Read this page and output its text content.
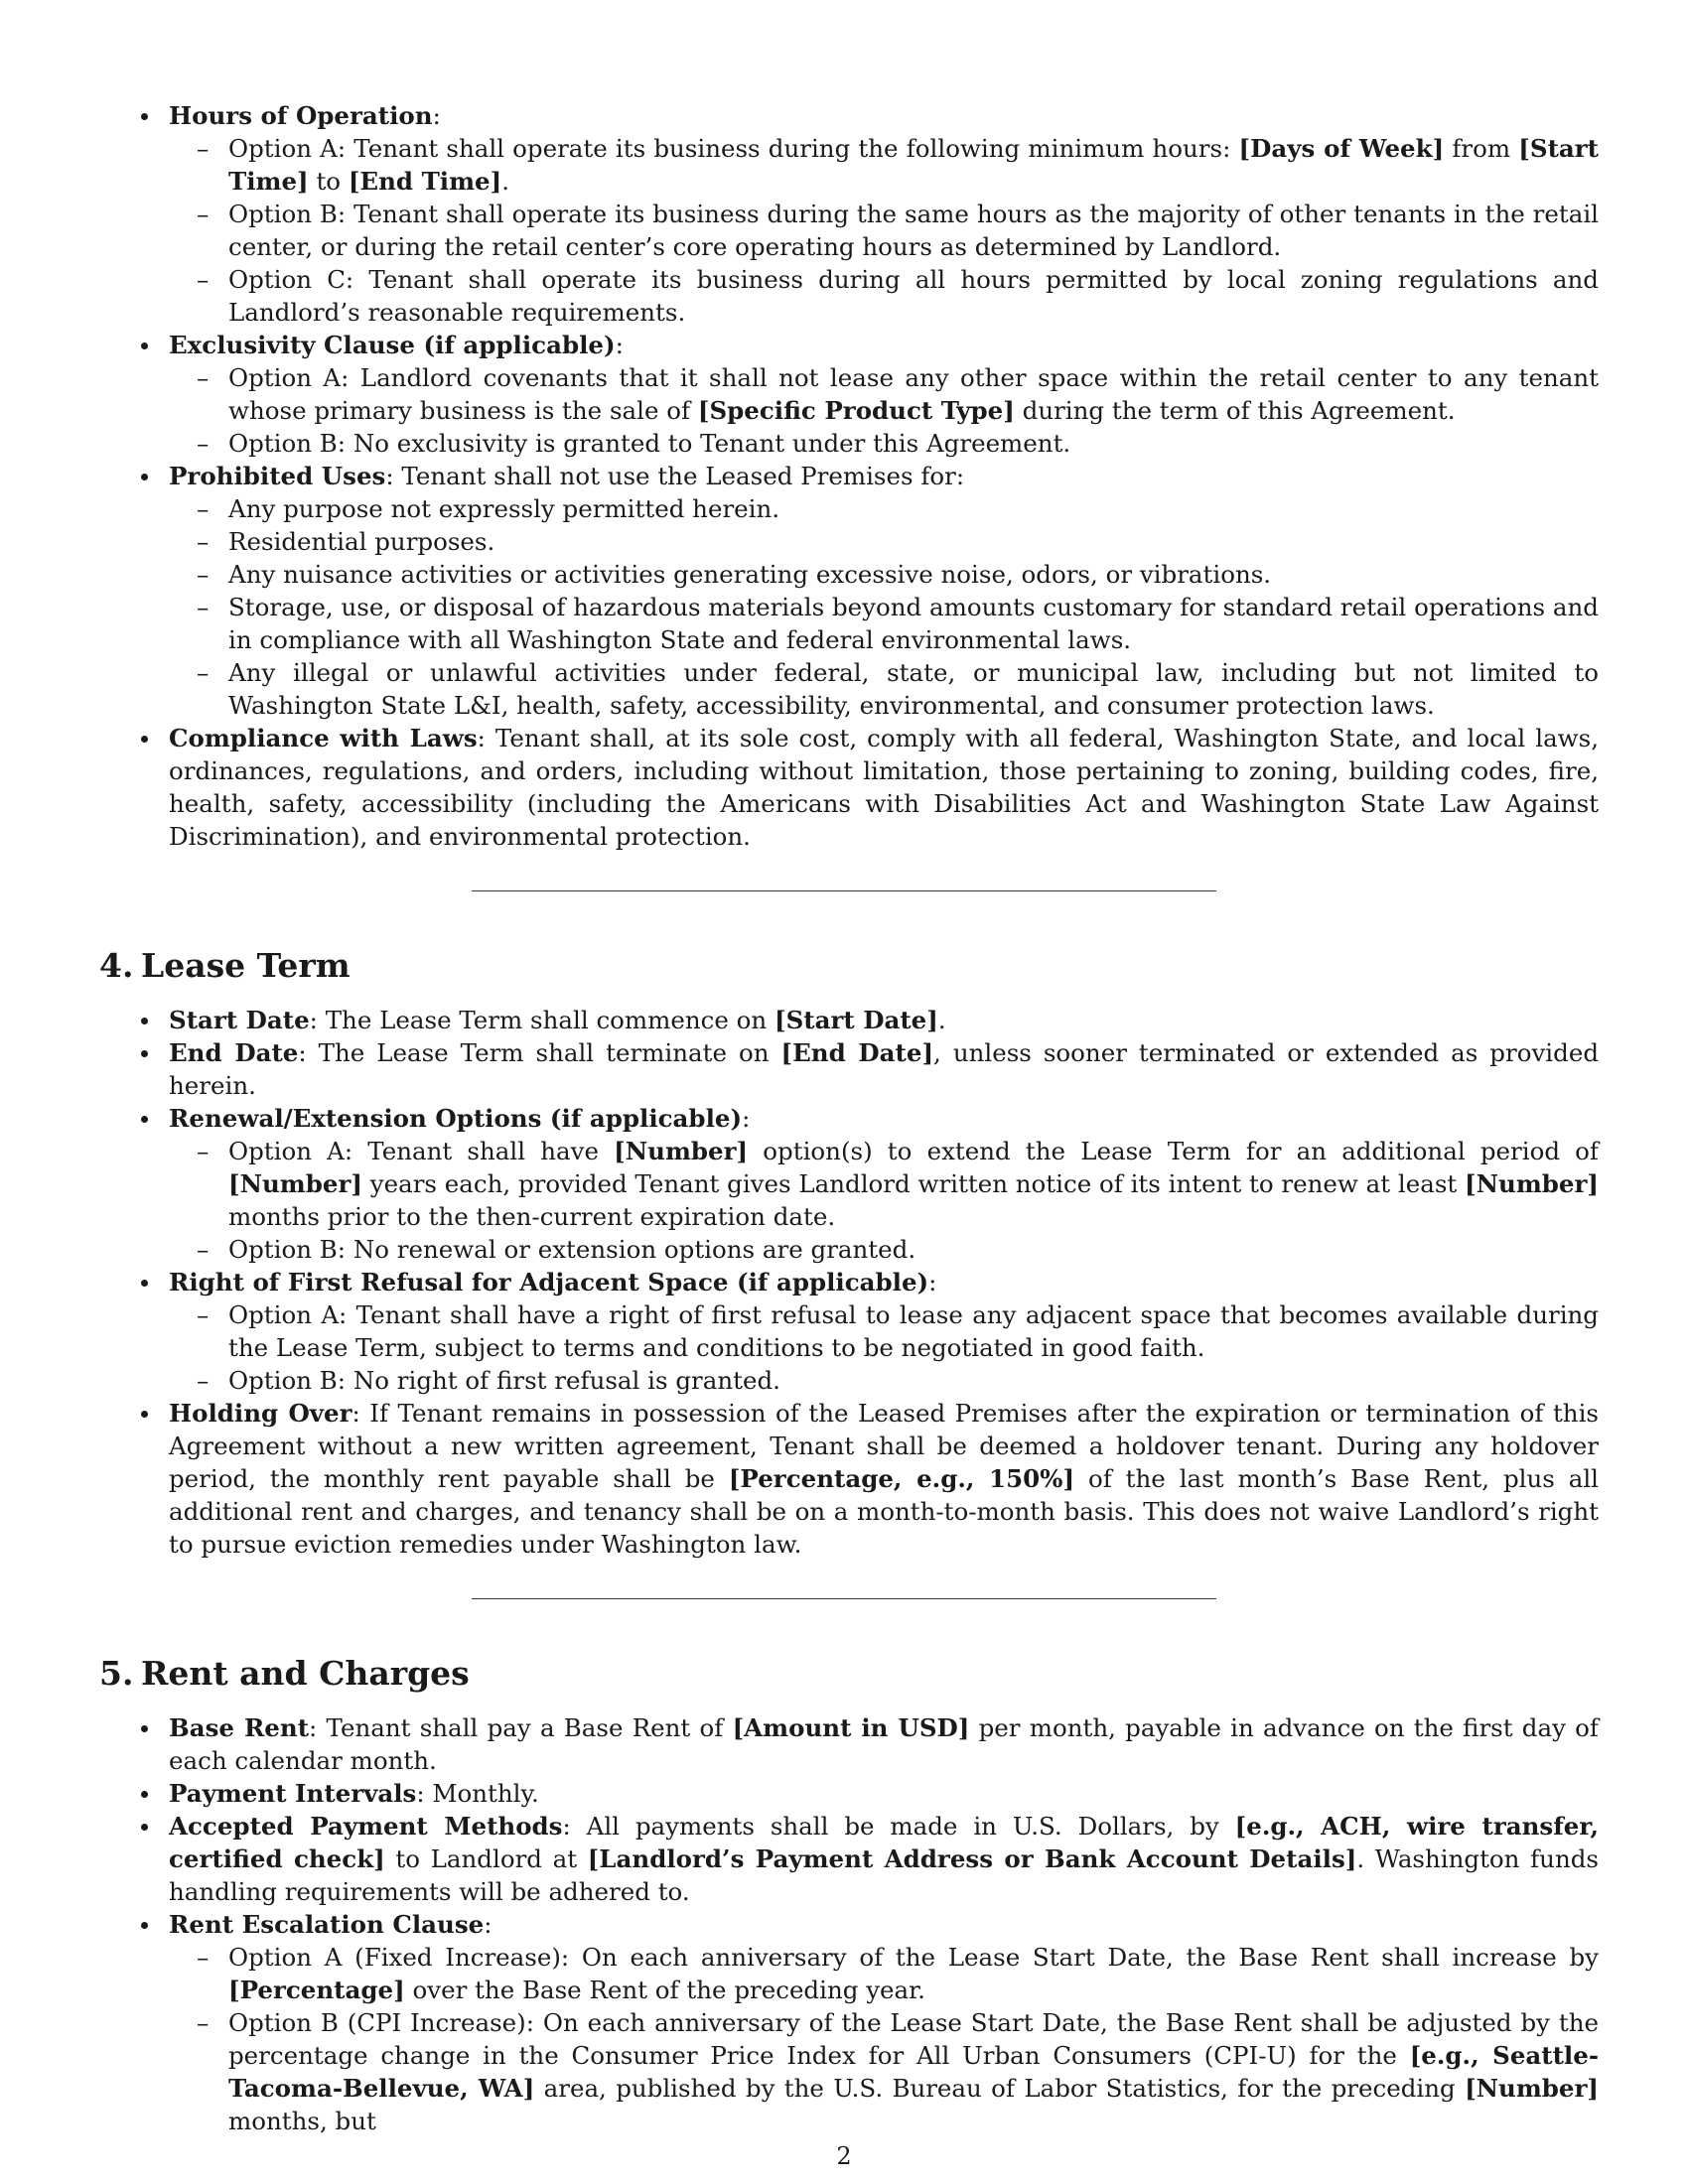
Hours of Operation:
– Option A: Tenant shall operate its business during the following minimum hours: [Days of Week] from [Start Time] to [End Time].
– Option B: Tenant shall operate its business during the same hours as the majority of other tenants in the retail center, or during the retail center’s core operating hours as determined by Landlord.
– Option C: Tenant shall operate its business during all hours permitted by local zoning regulations and Landlord’s reasonable requirements.
Exclusivity Clause (if applicable):
– Option A: Landlord covenants that it shall not lease any other space within the retail center to any tenant whose primary business is the sale of [Specific Product Type] during the term of this Agreement.
– Option B: No exclusivity is granted to Tenant under this Agreement.
Prohibited Uses: Tenant shall not use the Leased Premises for:
– Any purpose not expressly permitted herein.
– Residential purposes.
– Any nuisance activities or activities generating excessive noise, odors, or vibrations.
– Storage, use, or disposal of hazardous materials beyond amounts customary for standard retail operations and in compliance with all Washington State and federal environmental laws.
– Any illegal or unlawful activities under federal, state, or municipal law, including but not limited to Washington State L&I, health, safety, accessibility, environmental, and consumer protection laws.
Compliance with Laws: Tenant shall, at its sole cost, comply with all federal, Washington State, and local laws, ordinances, regulations, and orders, including without limitation, those pertaining to zoning, building codes, fire, health, safety, accessibility (including the Americans with Disabilities Act and Washington State Law Against Discrimination), and environmental protection.
4. Lease Term
Start Date: The Lease Term shall commence on [Start Date].
End Date: The Lease Term shall terminate on [End Date], unless sooner terminated or extended as provided herein.
Renewal/Extension Options (if applicable):
– Option A: Tenant shall have [Number] option(s) to extend the Lease Term for an additional period of [Number] years each, provided Tenant gives Landlord written notice of its intent to renew at least [Number] months prior to the then-current expiration date.
– Option B: No renewal or extension options are granted.
Right of First Refusal for Adjacent Space (if applicable):
– Option A: Tenant shall have a right of first refusal to lease any adjacent space that becomes available during the Lease Term, subject to terms and conditions to be negotiated in good faith.
– Option B: No right of first refusal is granted.
Holding Over: If Tenant remains in possession of the Leased Premises after the expiration or termination of this Agreement without a new written agreement, Tenant shall be deemed a holdover tenant. During any holdover period, the monthly rent payable shall be [Percentage, e.g., 150%] of the last month’s Base Rent, plus all additional rent and charges, and tenancy shall be on a month-to-month basis. This does not waive Landlord’s right to pursue eviction remedies under Washington law.
5. Rent and Charges
Base Rent: Tenant shall pay a Base Rent of [Amount in USD] per month, payable in advance on the first day of each calendar month.
Payment Intervals: Monthly.
Accepted Payment Methods: All payments shall be made in U.S. Dollars, by [e.g., ACH, wire transfer, certified check] to Landlord at [Landlord’s Payment Address or Bank Account Details]. Washington funds handling requirements will be adhered to.
Rent Escalation Clause:
– Option A (Fixed Increase): On each anniversary of the Lease Start Date, the Base Rent shall increase by [Percentage] over the Base Rent of the preceding year.
– Option B (CPI Increase): On each anniversary of the Lease Start Date, the Base Rent shall be adjusted by the percentage change in the Consumer Price Index for All Urban Consumers (CPI-U) for the [e.g., Seattle-Tacoma-Bellevue, WA] area, published by the U.S. Bureau of Labor Statistics, for the preceding [Number] months, but
2
